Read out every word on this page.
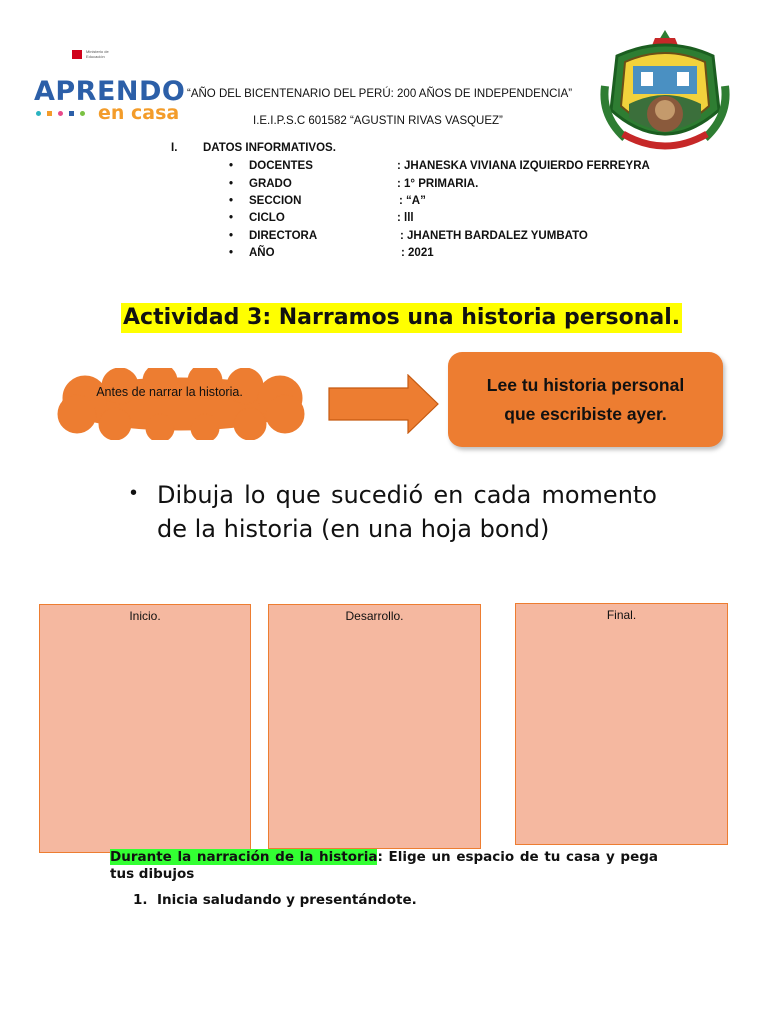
Ministerio de Educación
APRENDO
en casa
“AÑO DEL BICENTENARIO DEL PERÚ: 200 AÑOS DE INDEPENDENCIA”
I.E.I.P.S.C 601582 “AGUSTIN RIVAS VASQUEZ”
I. DATOS INFORMATIVOS.
• DOCENTES	: JHANESKA VIVIANA IZQUIERDO FERREYRA
• GRADO	: 1° PRIMARIA.
• SECCION	: “A”
• CICLO	: lll
• DIRECTORA	: JHANETH BARDALEZ YUMBATO
• AÑO	: 2021
Actividad 3: Narramos una historia personal.
Antes de narrar la historia.	Lee tu historia personal que escribiste ayer.
• Dibuja lo que sucedió en cada momento de la historia (en una hoja bond)
Inicio.	Desarrollo.	Final.
Durante la narración de la historia: Elige un espacio de tu casa y pega tus dibujos
1. Inicia saludando y presentándote.
